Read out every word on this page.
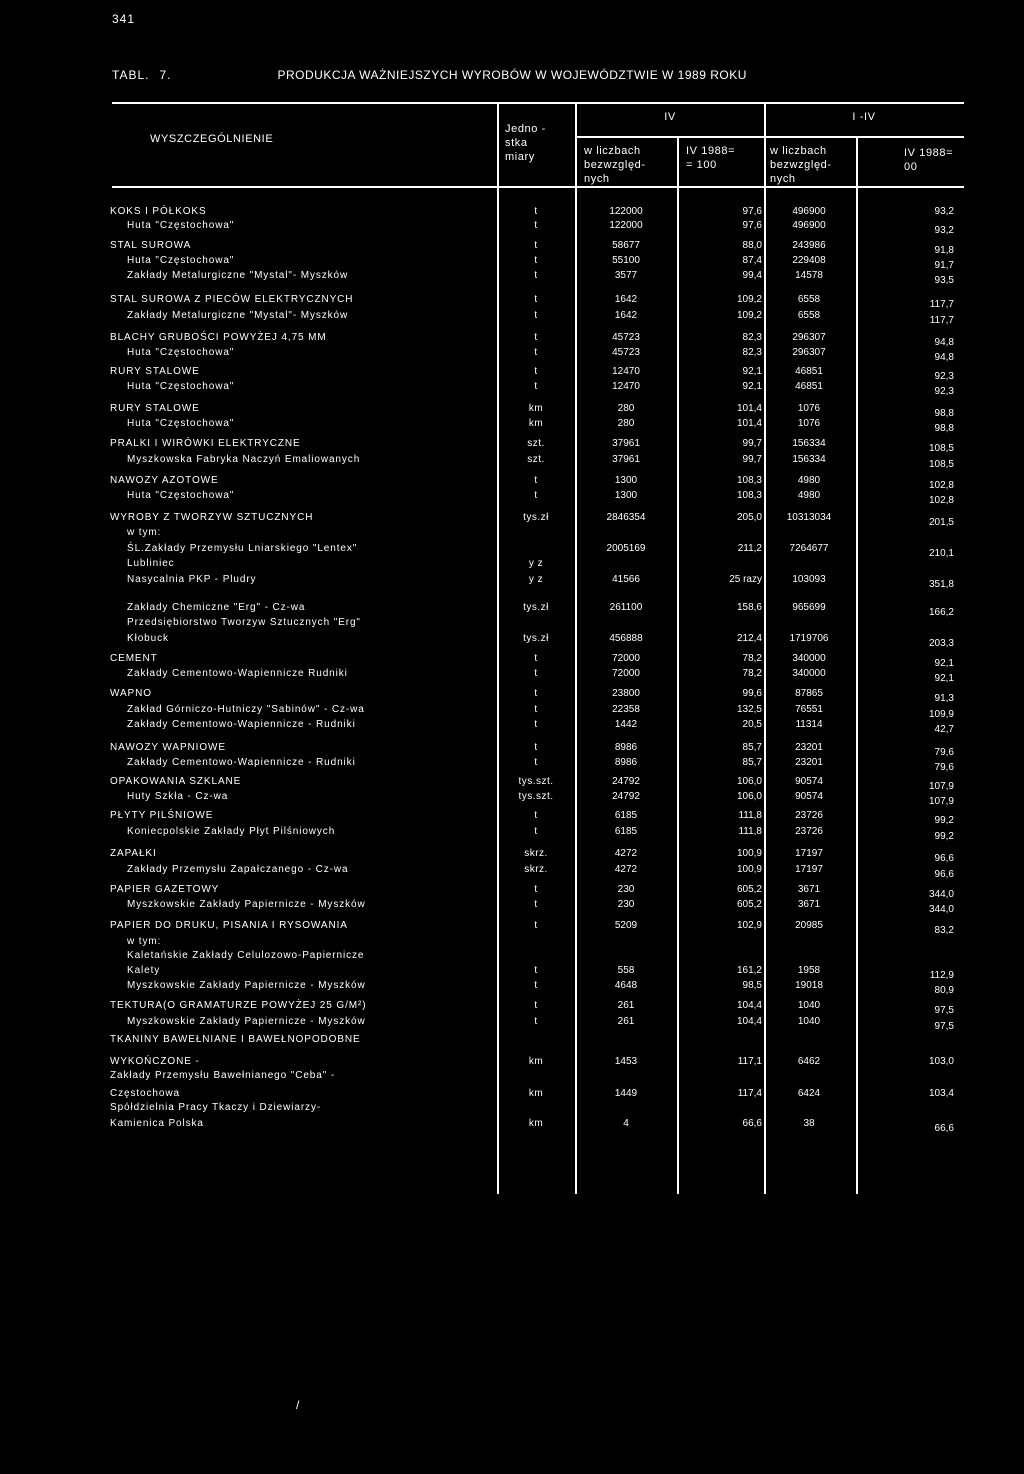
341
TABL. 7.	PRODUKCJA WAŻNIEJSZYCH WYROBÓW W WOJEWÓDZTWIE W 1989 ROKU
WYSZCZEGÓLNIENIE
Jedno -
stka
miary
IV	I -IV
w liczbach
bezwzględ-
nych
IV 1988=
= 100
w liczbach
bezwzględ-
nych
IV 1988=
00
KOKS I PÓŁKOKS	t	122000	97,6	496900	93,2
Huta "Częstochowa"	t	122000	97,6	496900	93,2
STAL SUROWA	t	58677	88,0	243986	91,8
Huta "Częstochowa"	t	55100	87,4	229408	91,7
Zakłady Metalurgiczne "Mystal"- Myszków	t	3577	99,4	14578	93,5
STAL SUROWA Z PIECÓW ELEKTRYCZNYCH	t	1642	109,2	6558	117,7
Zakłady Metalurgiczne "Mystal"- Myszków	t	1642	109,2	6558	117,7
BLACHY GRUBOŚCI POWYŻEJ 4,75 MM	t	45723	82,3	296307	94,8
Huta "Częstochowa"	t	45723	82,3	296307	94,8
RURY STALOWE	t	12470	92,1	46851	92,3
Huta "Częstochowa"	t	12470	92,1	46851	92,3
RURY STALOWE	km	280	101,4	1076	98,8
Huta "Częstochowa"	km	280	101,4	1076	98,8
PRALKI I WIRÓWKI ELEKTRYCZNE	szt.	37961	99,7	156334	108,5
Myszkowska Fabryka Naczyń Emaliowanych	szt.	37961	99,7	156334	108,5
NAWOZY AZOTOWE	t	1300	108,3	4980	102,8
Huta "Częstochowa"	t	1300	108,3	4980	102,8
WYROBY Z TWORZYW SZTUCZNYCH	tys.zł	2846354	205,0	10313034	201,5
w tym:
ŚL.Zakłady Przemysłu Lniarskiego "Lentex"	2005169	211,2	7264677	210,1
Lubliniec	y z
Nasycalnia PKP - Pludry	y z	41566	25 razy	103093	351,8
Zakłady Chemiczne "Erg" - Cz-wa	tys.zł	261100	158,6	965699	166,2
Przedsiębiorstwo Tworzyw Sztucznych "Erg"
Kłobuck	tys.zł	456888	212,4	1719706	203,3
CEMENT	t	72000	78,2	340000	92,1
Zakłady Cementowo-Wapiennicze Rudniki	t	72000	78,2	340000	92,1
WAPNO	t	23800	99,6	87865	91,3
Zakład Górniczo-Hutniczy "Sabinów" - Cz-wa	t	22358	132,5	76551	109,9
Zakłady Cementowo-Wapiennicze - Rudniki	t	1442	20,5	11314	42,7
NAWOZY WAPNIOWE	t	8986	85,7	23201	79,6
Zakłady Cementowo-Wapiennicze - Rudniki	t	8986	85,7	23201	79,6
OPAKOWANIA SZKLANE	tys.szt.	24792	106,0	90574	107,9
Huty Szkła - Cz-wa	tys.szt.	24792	106,0	90574	107,9
PŁYTY PILŚNIOWE	t	6185	111,8	23726	99,2
Koniecpolskie Zakłady Płyt Pilśniowych	t	6185	111,8	23726	99,2
ZAPAŁKI	skrz.	4272	100,9	17197	96,6
Zakłady Przemysłu Zapałczanego - Cz-wa	skrz.	4272	100,9	17197	96,6
PAPIER GAZETOWY	t	230	605,2	3671	344,0
Myszkowskie Zakłady Papiernicze - Myszków	t	230	605,2	3671	344,0
PAPIER DO DRUKU, PISANIA I RYSOWANIA	t	5209	102,9	20985	83,2
w tym:
Kaletańskie Zakłady Celulozowo-Papiernicze
Kalety	t	558	161,2	1958	112,9
Myszkowskie Zakłady Papiernicze - Myszków	t	4648	98,5	19018	80,9
TEKTURA(O GRAMATURZE POWYŻEJ 25 G/M²)	t	261	104,4	1040	97,5
Myszkowskie Zakłady Papiernicze - Myszków	t	261	104,4	1040	97,5
TKANINY BAWEŁNIANE I BAWEŁNOPODOBNE
WYKOŃCZONE -	km	1453	117,1	6462	103,0
Zakłady Przemysłu Bawełnianego "Ceba" -
Częstochowa	km	1449	117,4	6424	103,4
Spółdzielnia Pracy Tkaczy i Dziewiarzy-
Kamienica Polska	km	4	66,6	38	66,6
/
